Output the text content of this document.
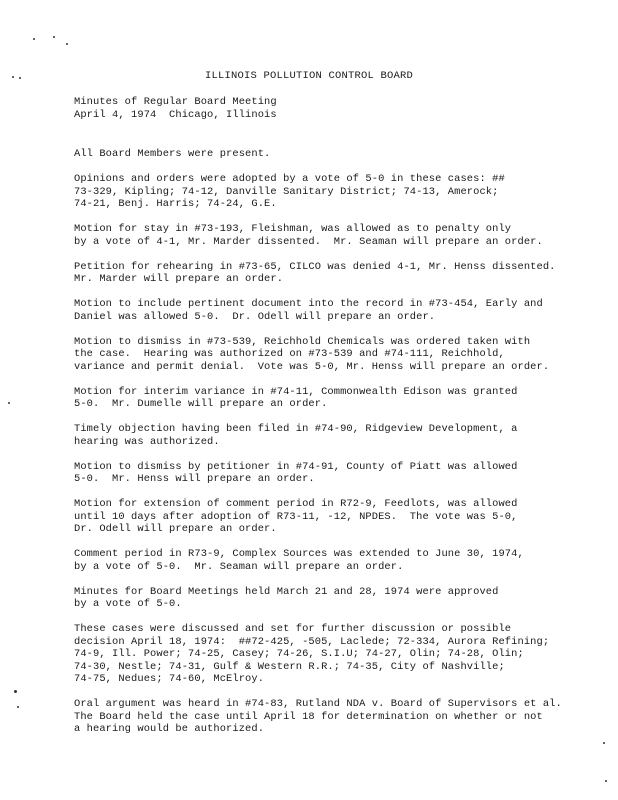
ILLINOIS POLLUTION CONTROL BOARD
Minutes of Regular Board Meeting
April 4, 1974  Chicago, Illinois
All Board Members were present.
Opinions and orders were adopted by a vote of 5-0 in these cases: ##
73-329, Kipling; 74-12, Danville Sanitary District; 74-13, Amerock;
74-21, Benj. Harris; 74-24, G.E.
Motion for stay in #73-193, Fleishman, was allowed as to penalty only
by a vote of 4-1, Mr. Marder dissented.  Mr. Seaman will prepare an order.
Petition for rehearing in #73-65, CILCO was denied 4-1, Mr. Henss dissented.
Mr. Marder will prepare an order.
Motion to include pertinent document into the record in #73-454, Early and
Daniel was allowed 5-0.  Dr. Odell will prepare an order.
Motion to dismiss in #73-539, Reichhold Chemicals was ordered taken with
the case.  Hearing was authorized on #73-539 and #74-111, Reichhold,
variance and permit denial.  Vote was 5-0, Mr. Henss will prepare an order.
Motion for interim variance in #74-11, Commonwealth Edison was granted
5-0.  Mr. Dumelle will prepare an order.
Timely objection having been filed in #74-90, Ridgeview Development, a
hearing was authorized.
Motion to dismiss by petitioner in #74-91, County of Piatt was allowed
5-0.  Mr. Henss will prepare an order.
Motion for extension of comment period in R72-9, Feedlots, was allowed
until 10 days after adoption of R73-11, -12, NPDES.  The vote was 5-0,
Dr. Odell will prepare an order.
Comment period in R73-9, Complex Sources was extended to June 30, 1974,
by a vote of 5-0.  Mr. Seaman will prepare an order.
Minutes for Board Meetings held March 21 and 28, 1974 were approved
by a vote of 5-0.
These cases were discussed and set for further discussion or possible
decision April 18, 1974:  ##72-425, -505, Laclede; 72-334, Aurora Refining;
74-9, Ill. Power; 74-25, Casey; 74-26, S.I.U; 74-27, Olin; 74-28, Olin;
74-30, Nestle; 74-31, Gulf & Western R.R.; 74-35, City of Nashville;
74-75, Nedues; 74-60, McElroy.
Oral argument was heard in #74-83, Rutland NDA v. Board of Supervisors et al.
The Board held the case until April 18 for determination on whether or not
a hearing would be authorized.
